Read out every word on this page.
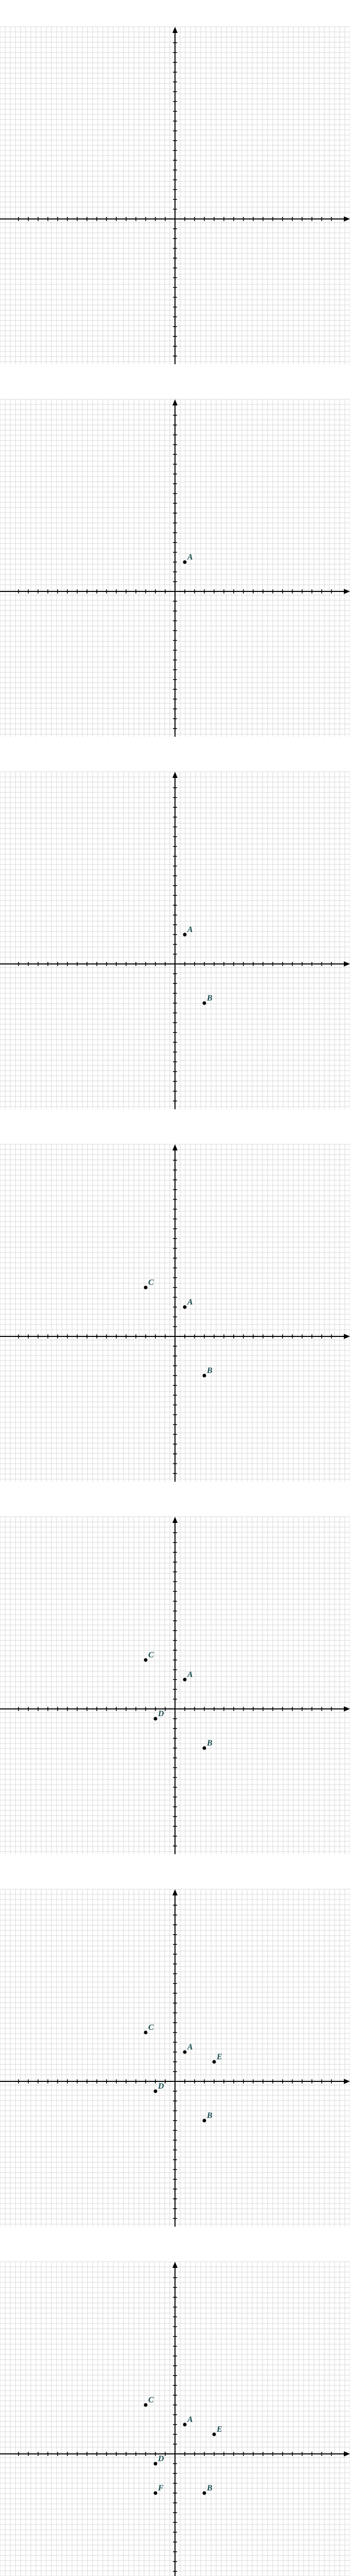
A
A
B
A
B
C
A
B
C
D
A
B
C
D
E
A
B
C
D
E
F
